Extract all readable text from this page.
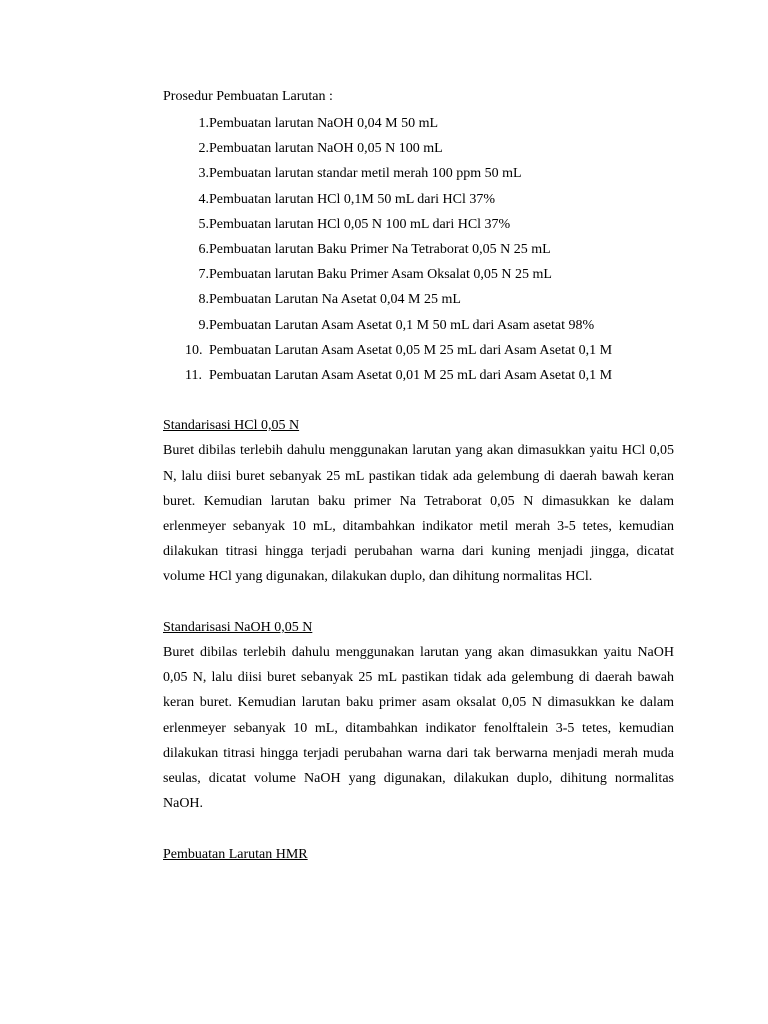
Prosedur Pembuatan Larutan :

1. Pembuatan larutan NaOH 0,04 M 50 mL
2. Pembuatan larutan NaOH 0,05 N 100 mL
3. Pembuatan larutan standar metil merah 100 ppm 50 mL
4. Pembuatan larutan HCl 0,1M 50 mL dari HCl 37%
5. Pembuatan larutan HCl 0,05 N 100 mL dari HCl 37%
6. Pembuatan larutan Baku Primer Na Tetraborat 0,05 N 25 mL
7. Pembuatan larutan Baku Primer Asam Oksalat 0,05 N 25 mL
8. Pembuatan Larutan Na Asetat 0,04 M 25 mL
9. Pembuatan Larutan Asam Asetat 0,1 M 50 mL dari Asam asetat 98%
10. Pembuatan Larutan Asam Asetat 0,05 M 25 mL dari Asam Asetat 0,1 M
11. Pembuatan Larutan Asam Asetat 0,01 M 25 mL dari Asam Asetat 0,1 M

Standarisasi HCl 0,05 N

Buret dibilas terlebih dahulu menggunakan larutan yang akan dimasukkan yaitu HCl 0,05 N, lalu diisi buret sebanyak 25 mL pastikan tidak ada gelembung di daerah bawah keran buret. Kemudian larutan baku primer Na Tetraborat 0,05 N dimasukkan ke dalam erlenmeyer sebanyak 10 mL, ditambahkan indikator metil merah 3-5 tetes, kemudian dilakukan titrasi hingga terjadi perubahan warna dari kuning menjadi jingga, dicatat volume HCl yang digunakan, dilakukan duplo, dan dihitung normalitas HCl.

Standarisasi NaOH 0,05 N

Buret dibilas terlebih dahulu menggunakan larutan yang akan dimasukkan yaitu NaOH 0,05 N, lalu diisi buret sebanyak 25 mL pastikan tidak ada gelembung di daerah bawah keran buret. Kemudian larutan baku primer asam oksalat 0,05 N dimasukkan ke dalam erlenmeyer sebanyak 10 mL, ditambahkan indikator fenolftalein 3-5 tetes, kemudian dilakukan titrasi hingga terjadi perubahan warna dari tak berwarna menjadi merah muda seulas, dicatat volume NaOH yang digunakan, dilakukan duplo, dihitung normalitas NaOH.

Pembuatan Larutan HMR
